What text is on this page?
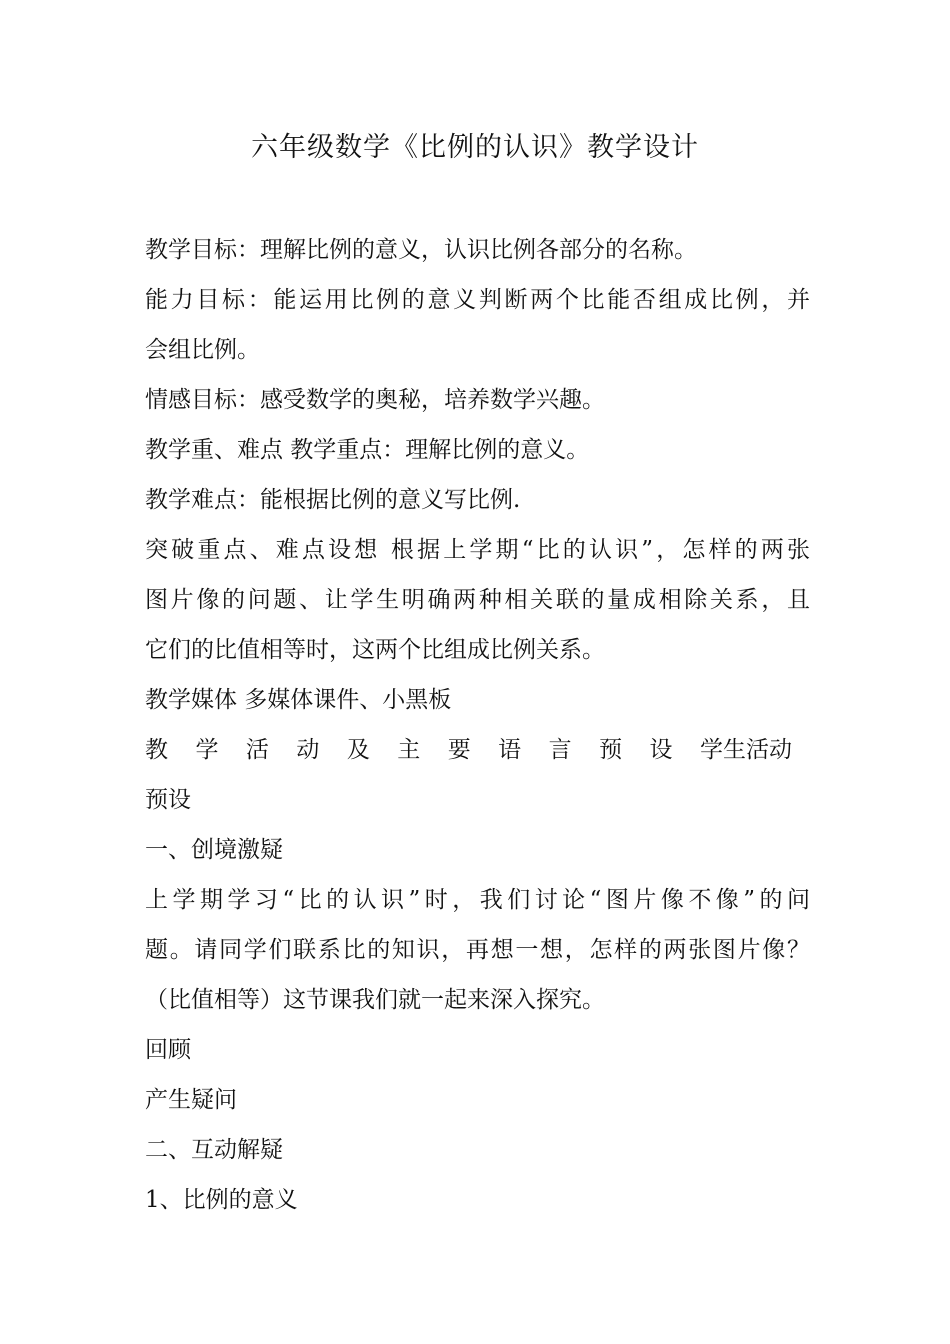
六年级数学《比例的认识》教学设计
教学目标：理解比例的意义，认识比例各部分的名称。
能力目标：能运用比例的意义判断两个比能否组成比例，并
会组比例。
情感目标：感受数学的奥秘，培养数学兴趣。
教学重、难点 教学重点：理解比例的意义。
教学难点：能根据比例的意义写比例.
突破重点、难点设想 根据上学期“比的认识”，怎样的两张
图片像的问题、让学生明确两种相关联的量成相除关系，且
它们的比值相等时，这两个比组成比例关系。
教学媒体 多媒体课件、小黑板
教 学 活 动 及 主 要 语 言 预 设 学生活动
预设
一、创境激疑
上学期学习“比的认识”时，我们讨论“图片像不像”的问
题。请同学们联系比的知识，再想一想，怎样的两张图片像？
（比值相等）这节课我们就一起来深入探究。
回顾
产生疑问
二、互动解疑
1、比例的意义
